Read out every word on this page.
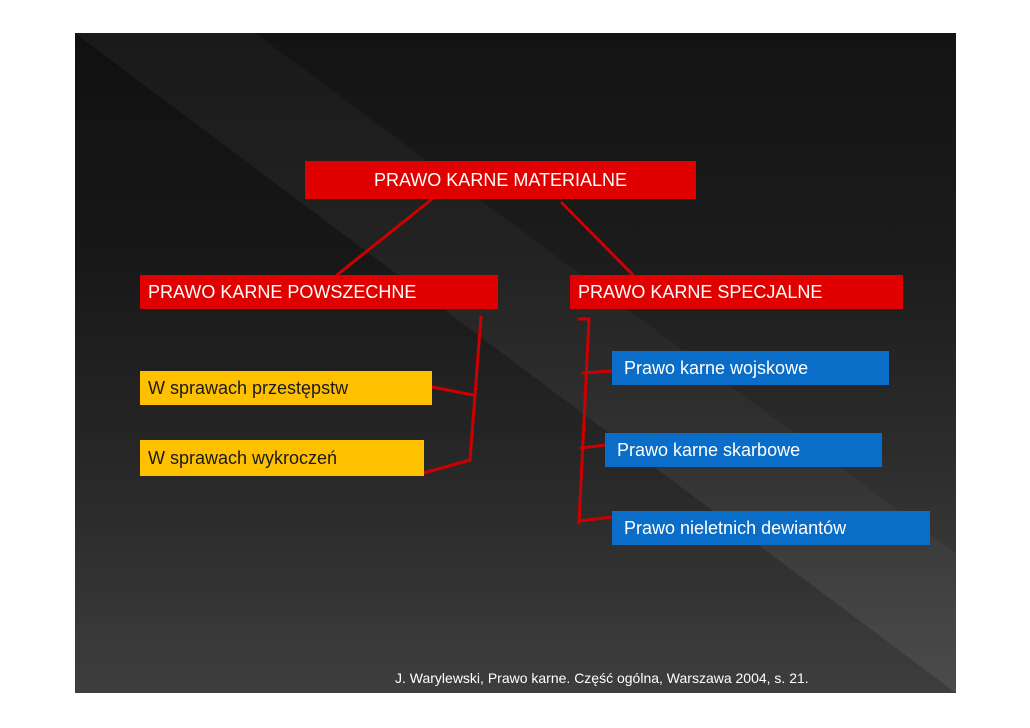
PRAWO KARNE MATERIALNE
PRAWO KARNE POWSZECHNE	PRAWO KARNE SPECJALNE
W sprawach przestępstw
W sprawach wykroczeń
Prawo karne wojskowe
Prawo karne skarbowe
Prawo nieletnich dewiantów
J. Warylewski, Prawo karne. Część ogólna, Warszawa 2004, s. 21.
